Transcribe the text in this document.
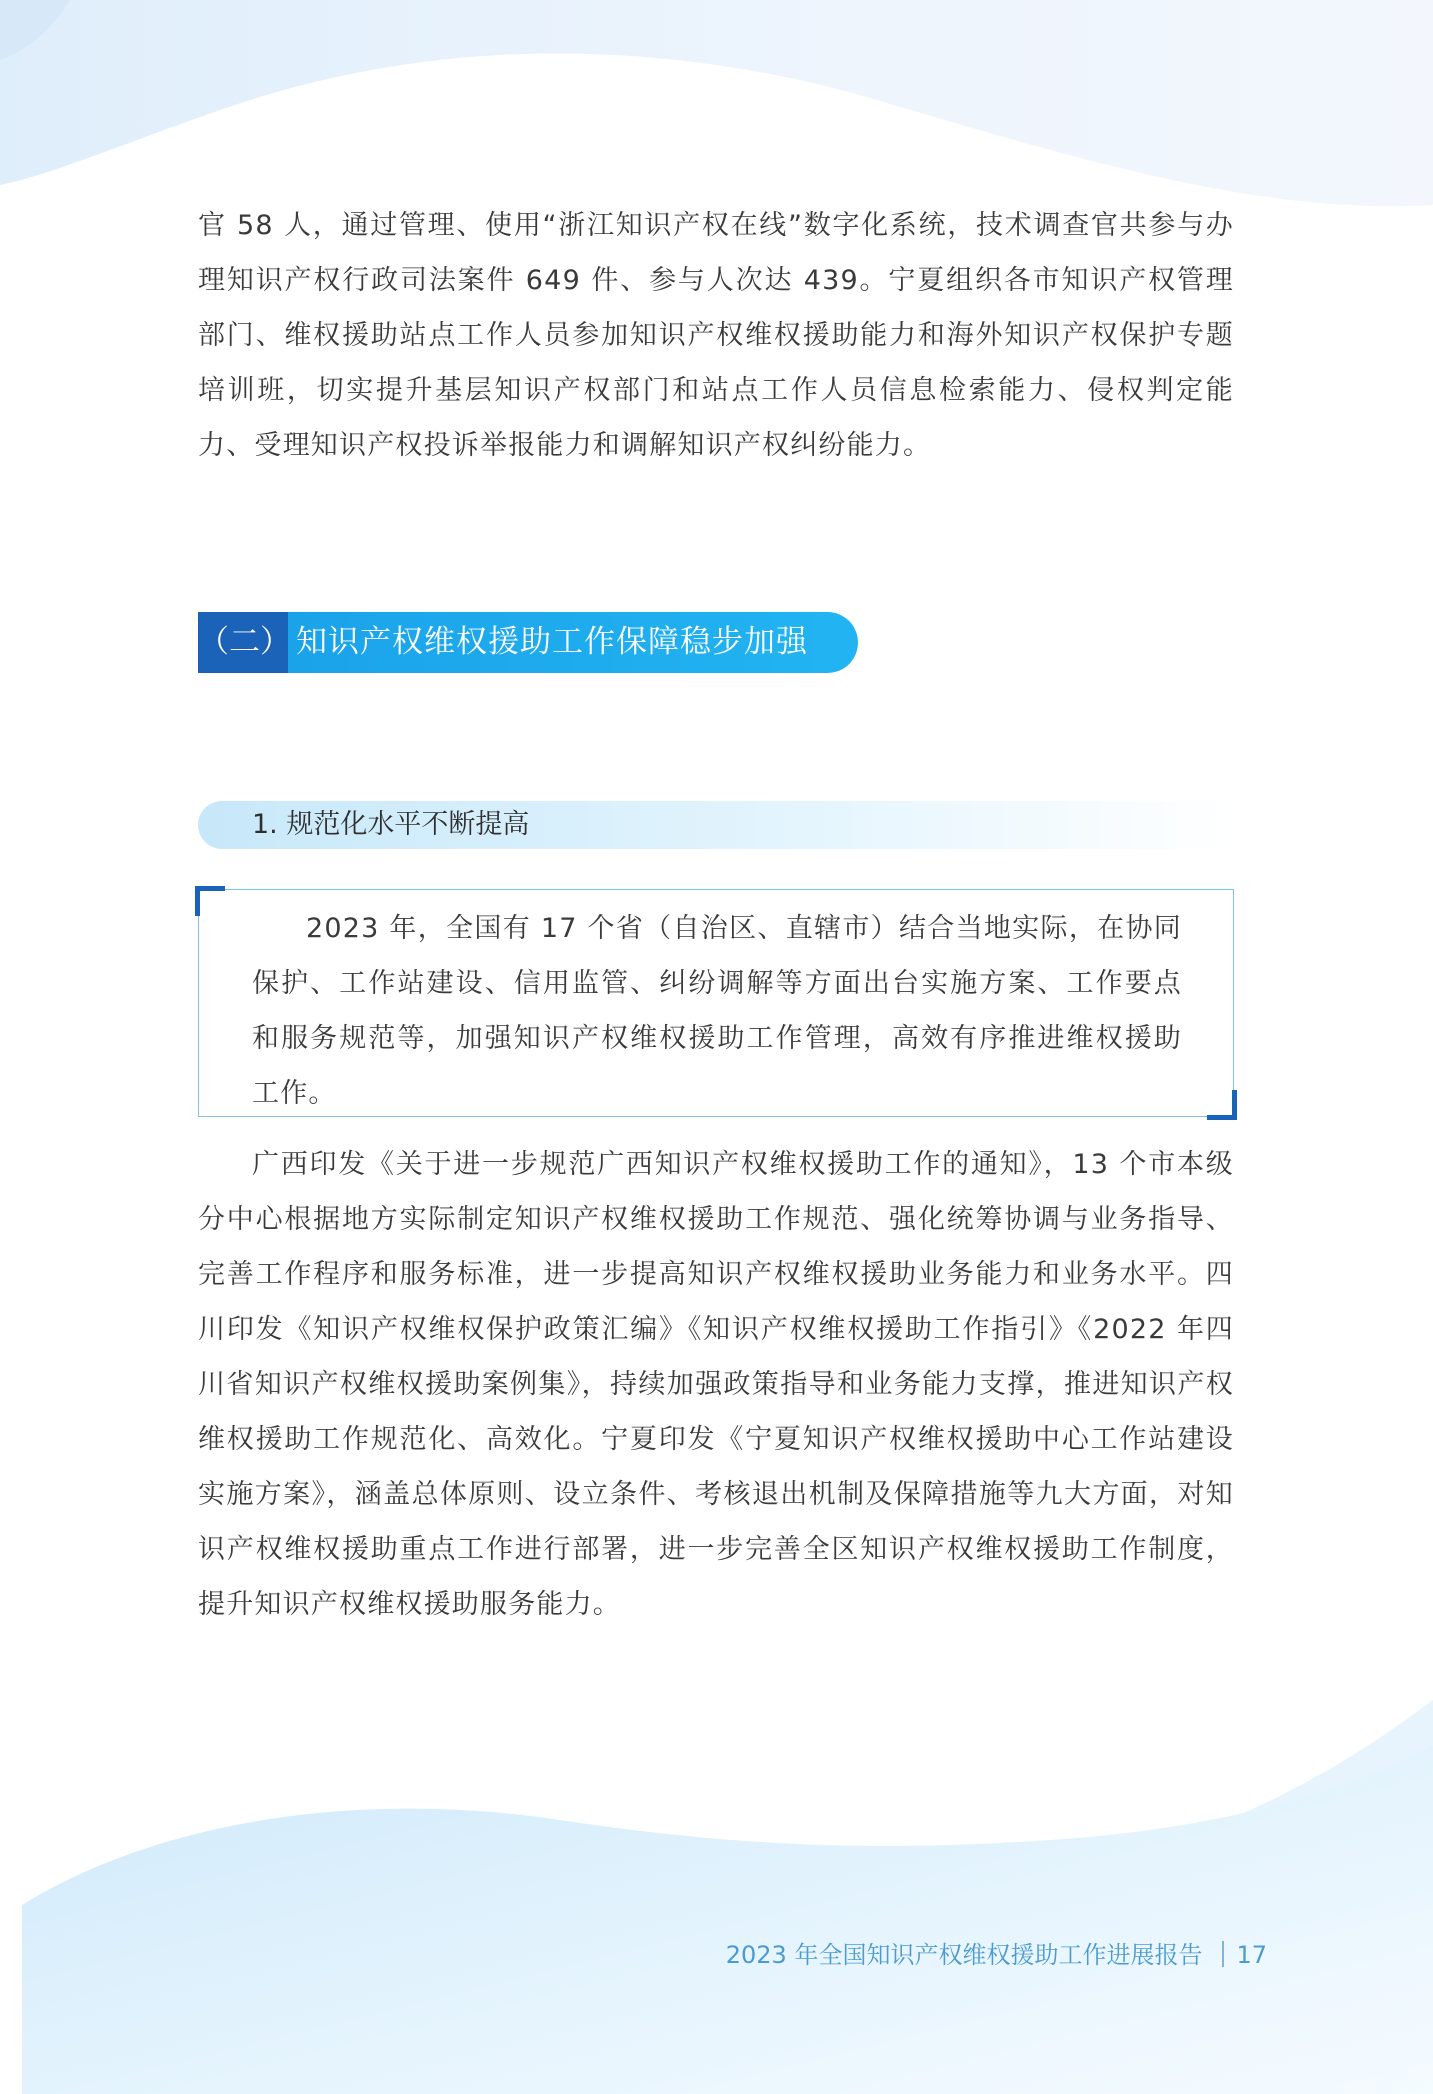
官 58 人，通过管理、使用“浙江知识产权在线”数字化系统，技术调查官共参与办理知识产权行政司法案件 649 件、参与人次达 439。宁夏组织各市知识产权管理部门、维权援助站点工作人员参加知识产权维权援助能力和海外知识产权保护专题培训班，切实提升基层知识产权部门和站点工作人员信息检索能力、侵权判定能力、受理知识产权投诉举报能力和调解知识产权纠纷能力。

（二） 知识产权维权援助工作保障稳步加强
1. 规范化水平不断提高

2023 年，全国有 17 个省（自治区、直辖市）结合当地实际，在协同保护、工作站建设、信用监管、纠纷调解等方面出台实施方案、工作要点和服务规范等，加强知识产权维权援助工作管理，高效有序推进维权援助工作。

广西印发《关于进一步规范广西知识产权维权援助工作的通知》，13 个市本级分中心根据地方实际制定知识产权维权援助工作规范、强化统筹协调与业务指导、完善工作程序和服务标准，进一步提高知识产权维权援助业务能力和业务水平。四川印发《知识产权维权保护政策汇编》《知识产权维权援助工作指引》《2022 年四川省知识产权维权援助案例集》，持续加强政策指导和业务能力支撑，推进知识产权维权援助工作规范化、高效化。宁夏印发《宁夏知识产权维权援助中心工作站建设实施方案》，涵盖总体原则、设立条件、考核退出机制及保障措施等九大方面，对知识产权维权援助重点工作进行部署，进一步完善全区知识产权维权援助工作制度，提升知识产权维权援助服务能力。

2023 年全国知识产权维权援助工作进展报告 17
